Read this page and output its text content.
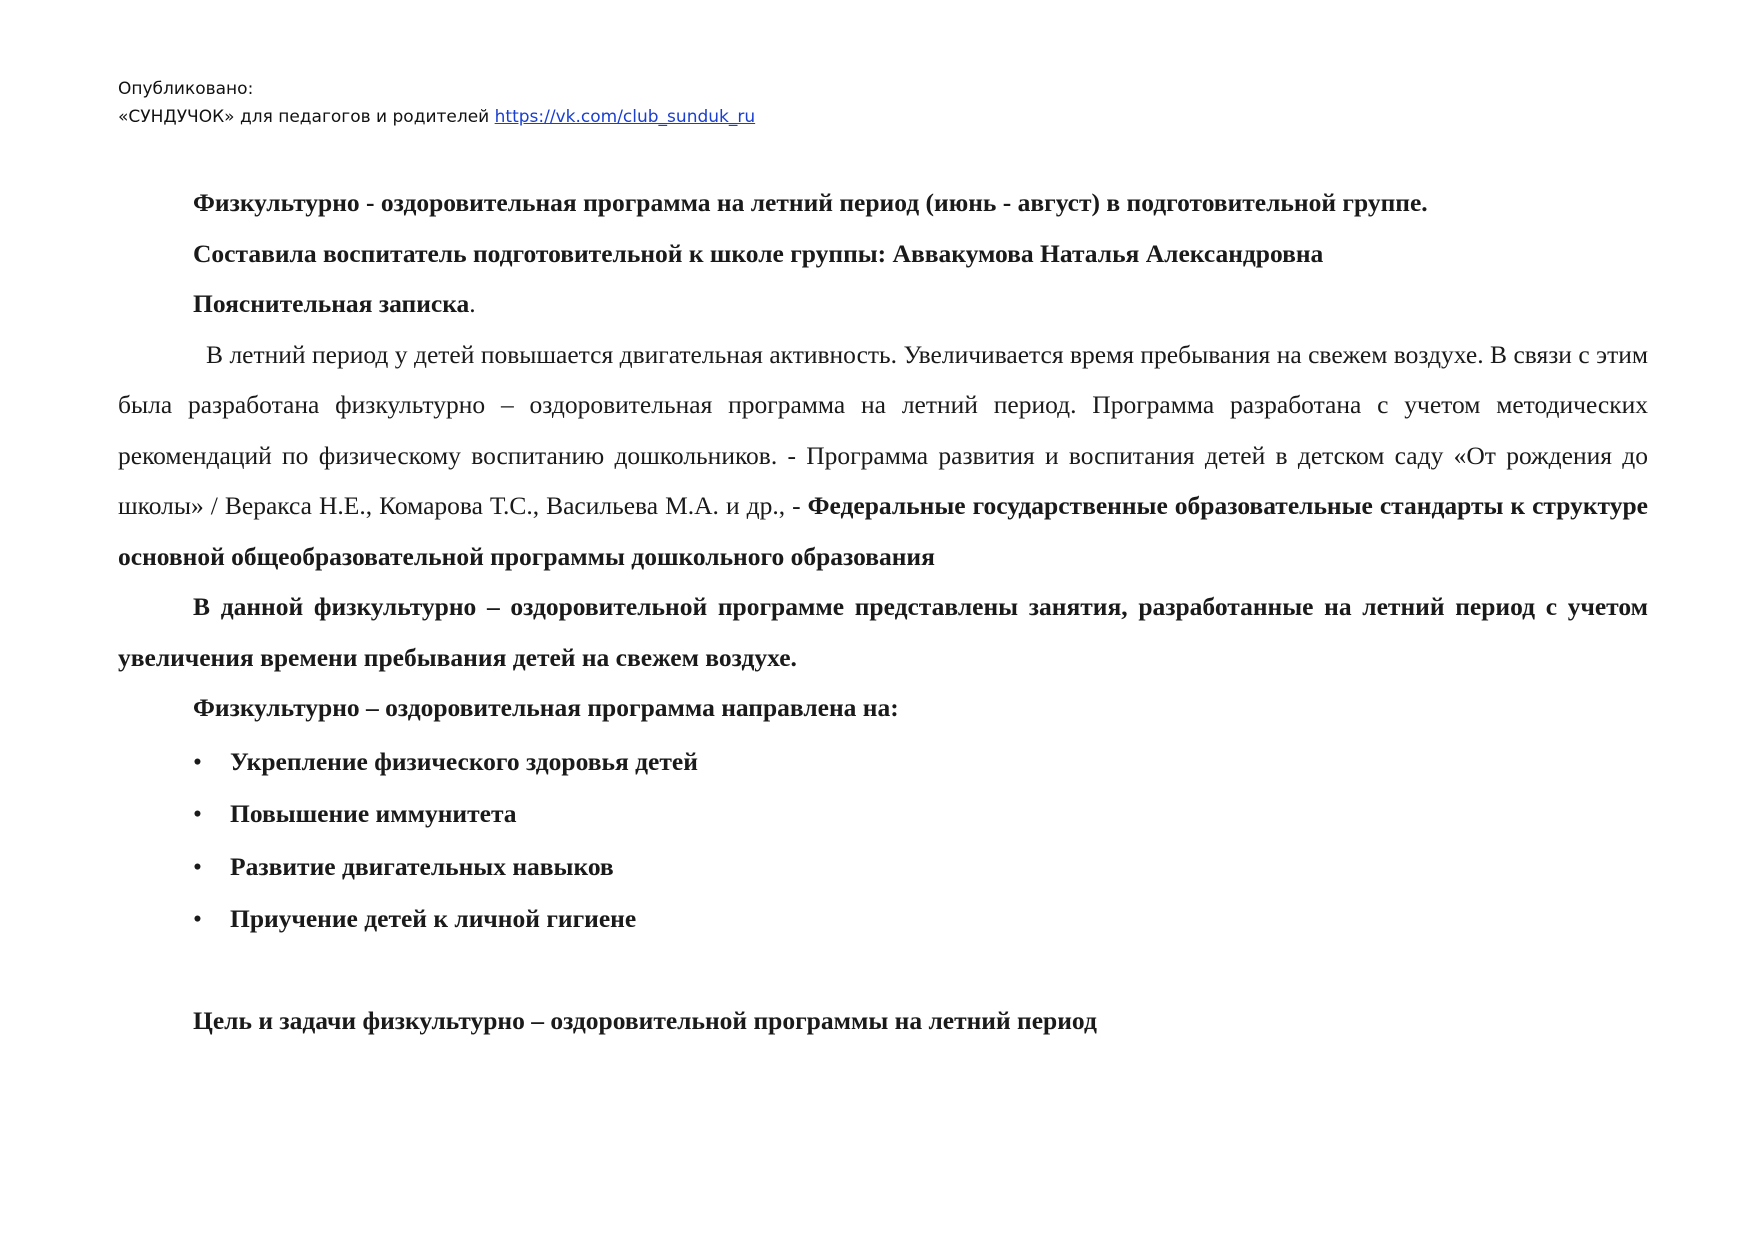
Опубликовано:
«СУНДУЧОК» для педагогов и родителей https://vk.com/club_sunduk_ru

Физкультурно - оздоровительная программа на летний период (июнь - август) в подготовительной группе.

Составила воспитатель подготовительной к школе группы: Аввакумова Наталья Александровна

Пояснительная записка.

В летний период у детей повышается двигательная активность. Увеличивается время пребывания на свежем воздухе. В связи с этим была разработана физкультурно – оздоровительная программа на летний период. Программа разработана с учетом методических рекомендаций по физическому воспитанию дошкольников. - Программа развития и воспитания детей в детском саду «От рождения до школы» / Веракса Н.Е., Комарова Т.С., Васильева М.А. и др., - Федеральные государственные образовательные стандарты к структуре основной общеобразовательной программы дошкольного образования

В данной физкультурно – оздоровительной программе представлены занятия, разработанные на летний период с учетом увеличения времени пребывания детей на свежем воздухе.

Физкультурно – оздоровительная программа направлена на:

• Укрепление физического здоровья детей
• Повышение иммунитета
• Развитие двигательных навыков
• Приучение детей к личной гигиене

Цель и задачи физкультурно – оздоровительной программы на летний период
